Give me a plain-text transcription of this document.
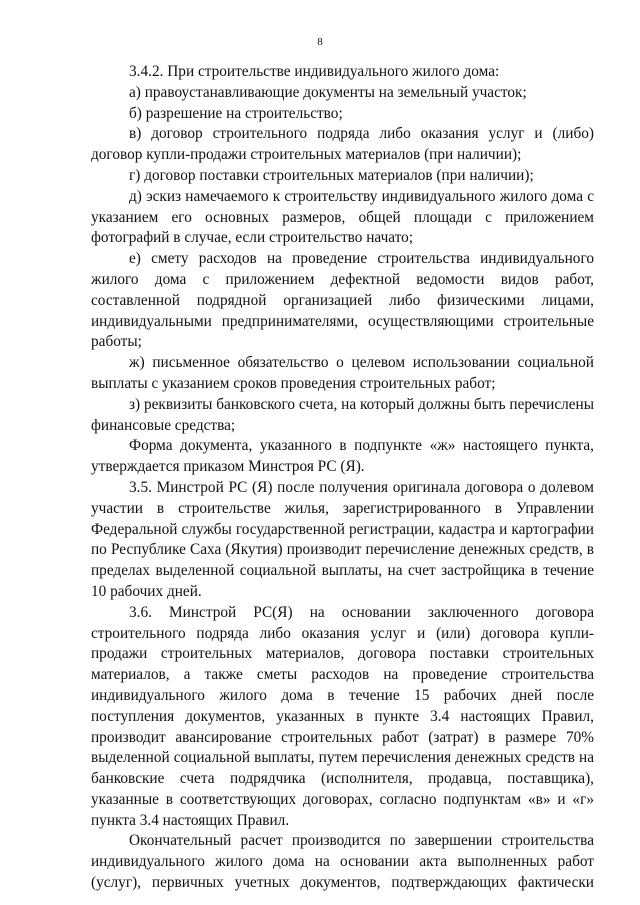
8

3.4.2. При строительстве индивидуального жилого дома:

а) правоустанавливающие документы на земельный участок;

б) разрешение на строительство;

в) договор строительного подряда либо оказания услуг и (либо) договор купли-продажи строительных материалов (при наличии);

г) договор поставки строительных материалов (при наличии);

д) эскиз намечаемого к строительству индивидуального жилого дома с указанием его основных размеров, общей площади с приложением фотографий в случае, если строительство начато;

е) смету расходов на проведение строительства индивидуального жилого дома с приложением дефектной ведомости видов работ, составленной подрядной организацией либо физическими лицами, индивидуальными предпринимателями, осуществляющими строительные работы;

ж) письменное обязательство о целевом использовании социальной выплаты с указанием сроков проведения строительных работ;

з) реквизиты банковского счета, на который должны быть перечислены финансовые средства;

Форма документа, указанного в подпункте «ж» настоящего пункта, утверждается приказом Минстроя РС (Я).

3.5. Минстрой РС (Я) после получения оригинала договора о долевом участии в строительстве жилья, зарегистрированного в Управлении Федеральной службы государственной регистрации, кадастра и картографии по Республике Саха (Якутия) производит перечисление денежных средств, в пределах выделенной социальной выплаты, на счет застройщика в течение 10 рабочих дней.

3.6. Минстрой РС(Я) на основании заключенного договора строительного подряда либо оказания услуг и (или) договора купли-продажи строительных материалов, договора поставки строительных материалов, а также сметы расходов на проведение строительства индивидуального жилого дома в течение 15 рабочих дней после поступления документов, указанных в пункте 3.4 настоящих Правил, производит авансирование строительных работ (затрат) в размере 70% выделенной социальной выплаты, путем перечисления денежных средств на банковские счета подрядчика (исполнителя, продавца, поставщика), указанные в соответствующих договорах, согласно подпунктам «в» и «г» пункта 3.4 настоящих Правил.

Окончательный расчет производится по завершении строительства индивидуального жилого дома на основании акта выполненных работ (услуг), первичных учетных документов, подтверждающих фактически
